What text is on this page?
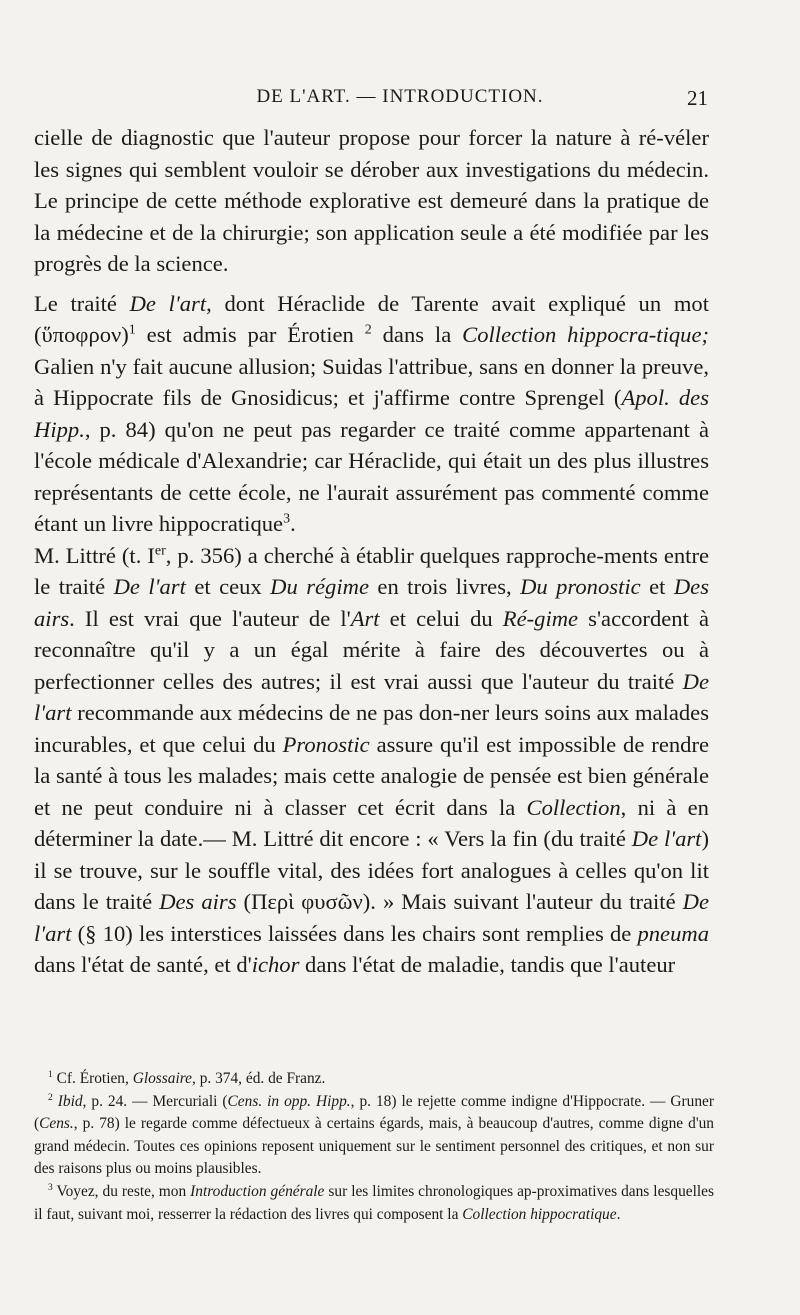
DE L'ART. — INTRODUCTION.	21

cielle de diagnostic que l'auteur propose pour forcer la nature à ré-véler les signes qui semblent vouloir se dérober aux investigations du médecin. Le principe de cette méthode explorative est demeuré dans la pratique de la médecine et de la chirurgie; son application seule a été modifiée par les progrès de la science.

Le traité De l'art, dont Héraclide de Tarente avait expliqué un mot (ὕποφρον)$^1$ est admis par Érotien $^2$ dans la Collection hippocra-tique; Galien n'y fait aucune allusion; Suidas l'attribue, sans en donner la preuve, à Hippocrate fils de Gnosidicus; et j'affirme contre Sprengel (Apol. des Hipp., p. 84) qu'on ne peut pas regarder ce traité comme appartenant à l'école médicale d'Alexandrie; car Héraclide, qui était un des plus illustres représentants de cette école, ne l'aurait assurément pas commenté comme étant un livre hippocratique$^3$.

M. Littré (t. Ier, p. 356) a cherché à établir quelques rapproche-ments entre le traité De l'art et ceux Du régime en trois livres, Du pronostic et Des airs. Il est vrai que l'auteur de l'Art et celui du Ré-gime s'accordent à reconnaître qu'il y a un égal mérite à faire des découvertes ou à perfectionner celles des autres; il est vrai aussi que l'auteur du traité De l'art recommande aux médecins de ne pas don-ner leurs soins aux malades incurables, et que celui du Pronostic assure qu'il est impossible de rendre la santé à tous les malades; mais cette analogie de pensée est bien générale et ne peut conduire ni à classer cet écrit dans la Collection, ni à en déterminer la date.— M. Littré dit encore : « Vers la fin (du traité De l'art) il se trouve, sur le souffle vital, des idées fort analogues à celles qu'on lit dans le traité Des airs (Περὶ φυσῶν). » Mais suivant l'auteur du traité De l'art (§ 10) les interstices laissées dans les chairs sont remplies de pneuma dans l'état de santé, et d'ichor dans l'état de maladie, tandis que l'auteur

$^1$ Cf. Érotien, Glossaire, p. 374, éd. de Franz.

$^2$ Ibid, p. 24. — Mercuriali (Cens. in opp. Hipp., p. 18) le rejette comme indigne d'Hippocrate. — Gruner (Cens., p. 78) le regarde comme défectueux à certains égards, mais, à beaucoup d'autres, comme digne d'un grand médecin. Toutes ces opinions reposent uniquement sur le sentiment personnel des critiques, et non sur des raisons plus ou moins plausibles.

$^3$ Voyez, du reste, mon Introduction générale sur les limites chronologiques ap-proximatives dans lesquelles il faut, suivant moi, resserrer la rédaction des livres qui composent la Collection hippocratique.
